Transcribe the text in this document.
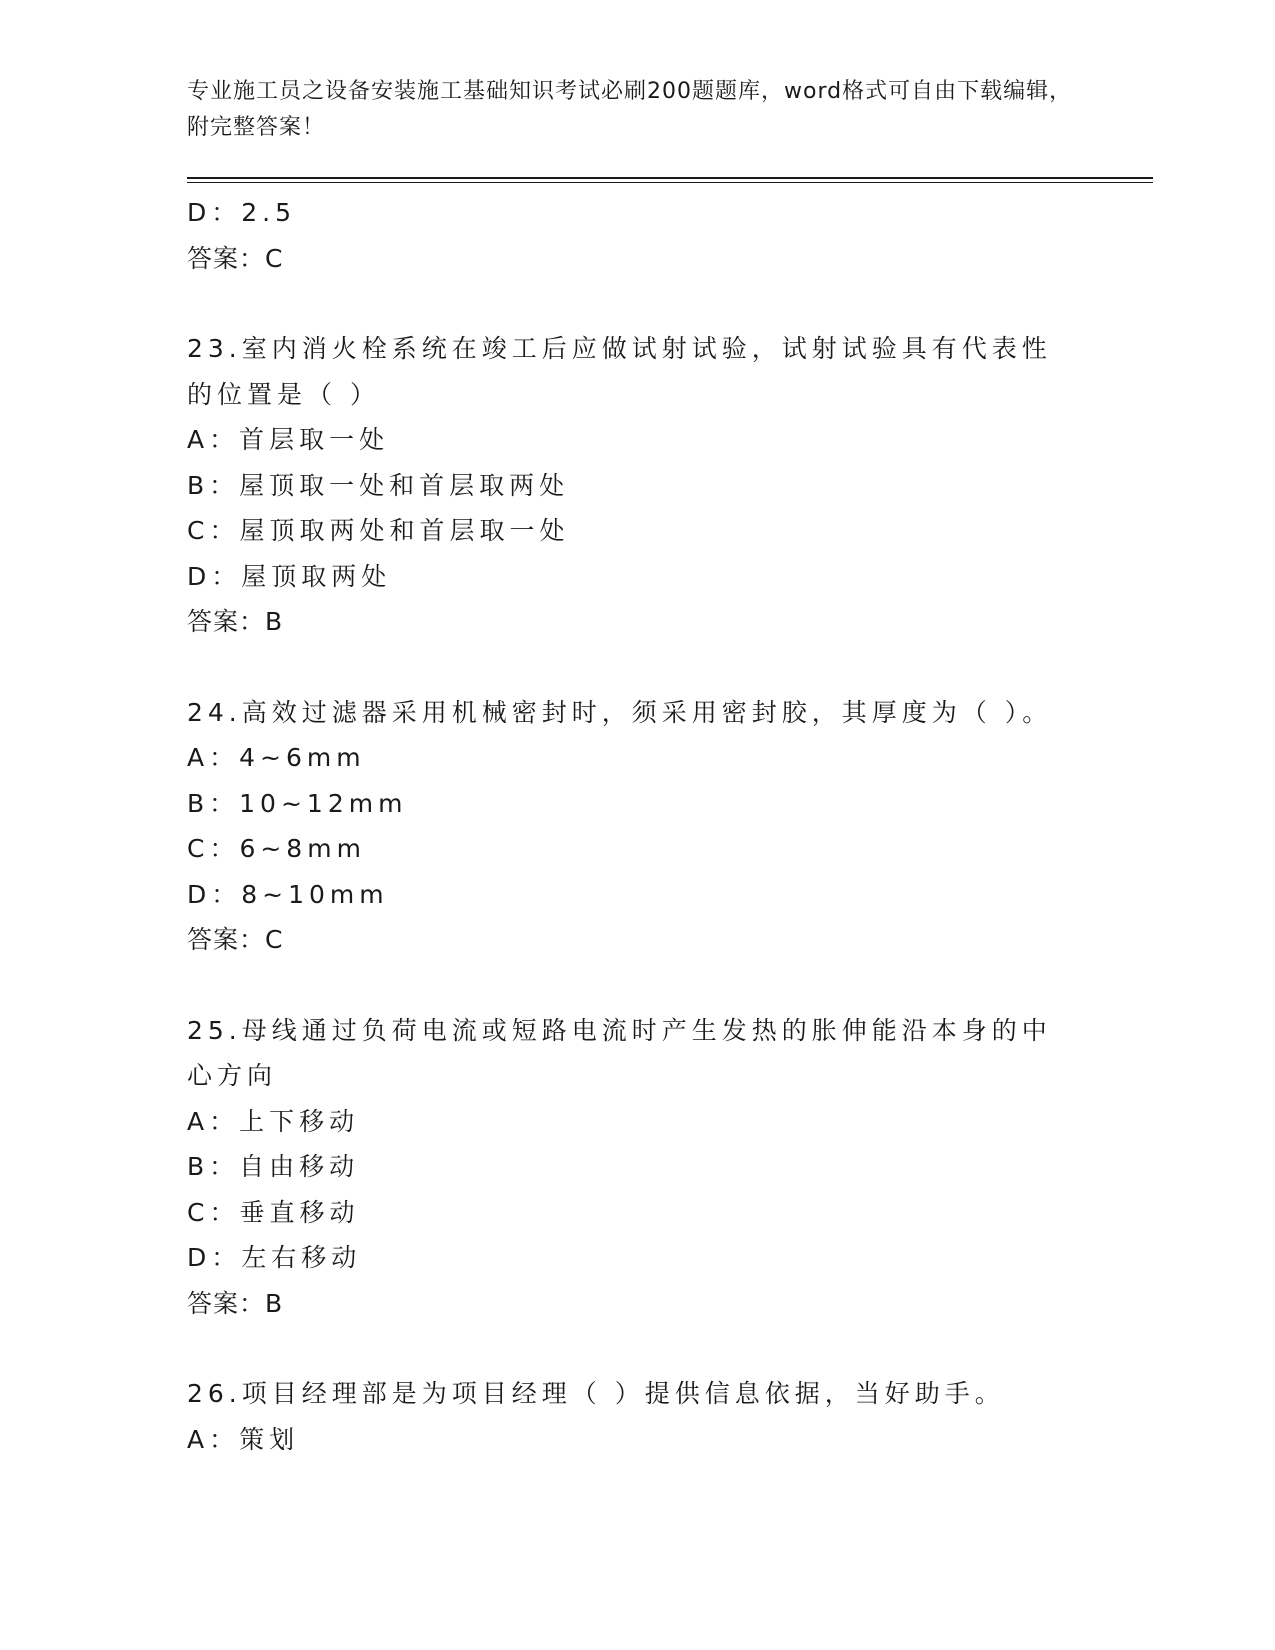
专业施工员之设备安装施工基础知识考试必刷200题题库，word格式可自由下载编辑，附完整答案！
D：2.5
答案：C
23.室内消火栓系统在竣工后应做试射试验，试射试验具有代表性的位置是（ ）
A：首层取一处
B：屋顶取一处和首层取两处
C：屋顶取两处和首层取一处
D：屋顶取两处
答案：B
24.高效过滤器采用机械密封时，须采用密封胶，其厚度为（ ）。
A：4~6mm
B：10~12mm
C：6~8mm
D：8~10mm
答案：C
25.母线通过负荷电流或短路电流时产生发热的胀伸能沿本身的中心方向
A：上下移动
B：自由移动
C：垂直移动
D：左右移动
答案：B
26.项目经理部是为项目经理（ ）提供信息依据，当好助手。
A：策划
